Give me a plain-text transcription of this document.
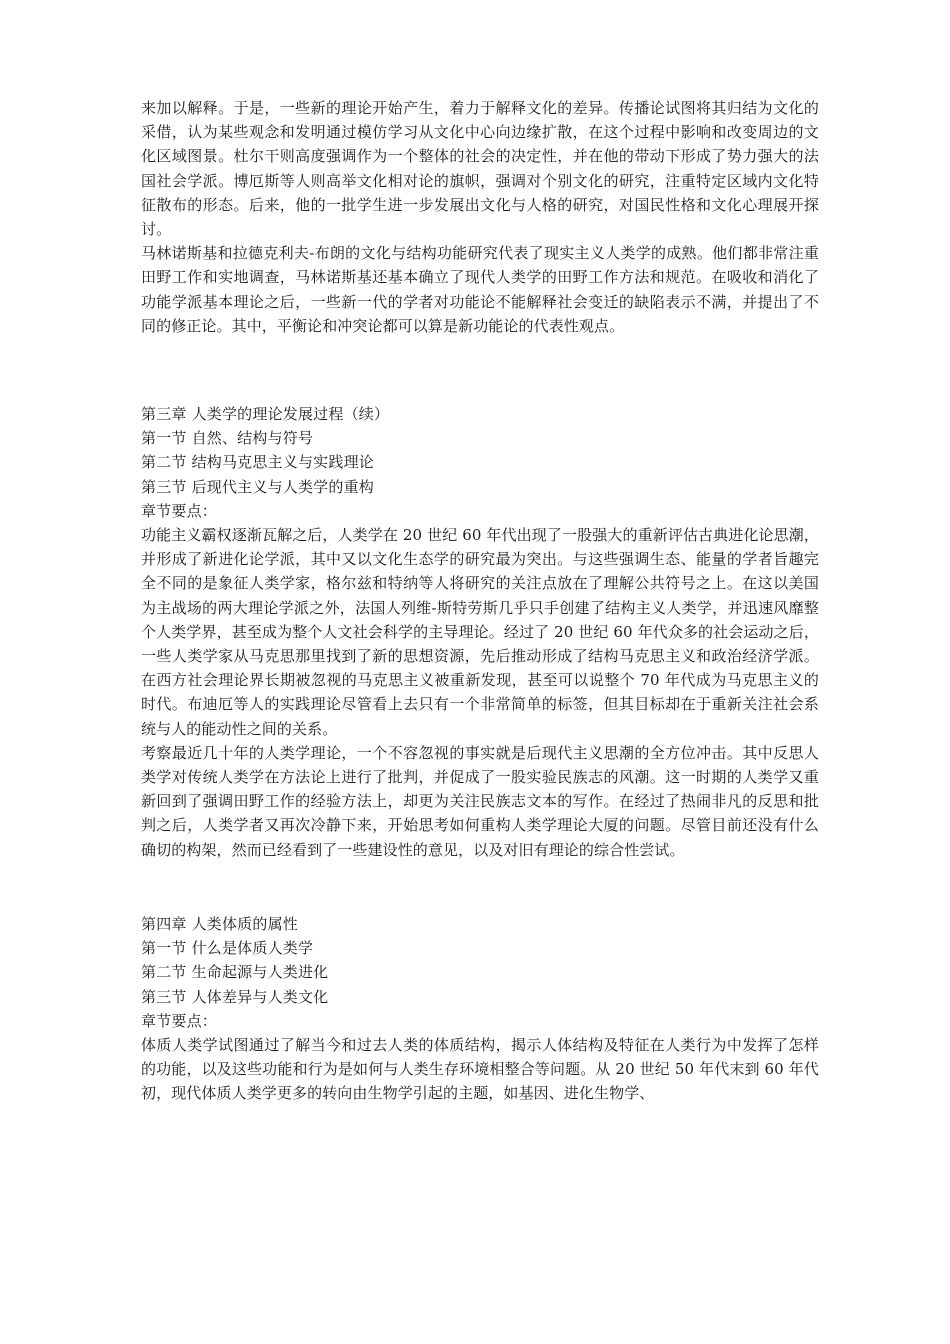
来加以解释。于是，一些新的理论开始产生，着力于解释文化的差异。传播论试图将其归结为文化的采借，认为某些观念和发明通过模仿学习从文化中心向边缘扩散，在这个过程中影响和改变周边的文化区域图景。杜尔干则高度强调作为一个整体的社会的决定性，并在他的带动下形成了势力强大的法国社会学派。博厄斯等人则高举文化相对论的旗帜，强调对个别文化的研究，注重特定区域内文化特征散布的形态。后来，他的一批学生进一步发展出文化与人格的研究，对国民性格和文化心理展开探讨。

马林诺斯基和拉德克利夫-布朗的文化与结构功能研究代表了现实主义人类学的成熟。他们都非常注重田野工作和实地调查，马林诺斯基还基本确立了现代人类学的田野工作方法和规范。在吸收和消化了功能学派基本理论之后，一些新一代的学者对功能论不能解释社会变迁的缺陷表示不满，并提出了不同的修正论。其中，平衡论和冲突论都可以算是新功能论的代表性观点。

第三章 人类学的理论发展过程（续）

第一节 自然、结构与符号

第二节 结构马克思主义与实践理论

第三节 后现代主义与人类学的重构

章节要点：

功能主义霸权逐渐瓦解之后，人类学在 20 世纪 60 年代出现了一股强大的重新评估古典进化论思潮，并形成了新进化论学派，其中又以文化生态学的研究最为突出。与这些强调生态、能量的学者旨趣完全不同的是象征人类学家，格尔兹和特纳等人将研究的关注点放在了理解公共符号之上。在这以美国为主战场的两大理论学派之外，法国人列维-斯特劳斯几乎只手创建了结构主义人类学，并迅速风靡整个人类学界，甚至成为整个人文社会科学的主导理论。经过了 20 世纪 60 年代众多的社会运动之后，一些人类学家从马克思那里找到了新的思想资源，先后推动形成了结构马克思主义和政治经济学派。在西方社会理论界长期被忽视的马克思主义被重新发现，甚至可以说整个 70 年代成为马克思主义的时代。布迪厄等人的实践理论尽管看上去只有一个非常简单的标签，但其目标却在于重新关注社会系统与人的能动性之间的关系。

考察最近几十年的人类学理论，一个不容忽视的事实就是后现代主义思潮的全方位冲击。其中反思人类学对传统人类学在方法论上进行了批判，并促成了一股实验民族志的风潮。这一时期的人类学又重新回到了强调田野工作的经验方法上，却更为关注民族志文本的写作。在经过了热闹非凡的反思和批判之后，人类学者又再次冷静下来，开始思考如何重构人类学理论大厦的问题。尽管目前还没有什么确切的构架，然而已经看到了一些建设性的意见，以及对旧有理论的综合性尝试。

第四章 人类体质的属性

第一节 什么是体质人类学

第二节 生命起源与人类进化

第三节 人体差异与人类文化

章节要点：

体质人类学试图通过了解当今和过去人类的体质结构，揭示人体结构及特征在人类行为中发挥了怎样的功能，以及这些功能和行为是如何与人类生存环境相整合等问题。从 20 世纪 50 年代末到 60 年代初，现代体质人类学更多的转向由生物学引起的主题，如基因、进化生物学、
